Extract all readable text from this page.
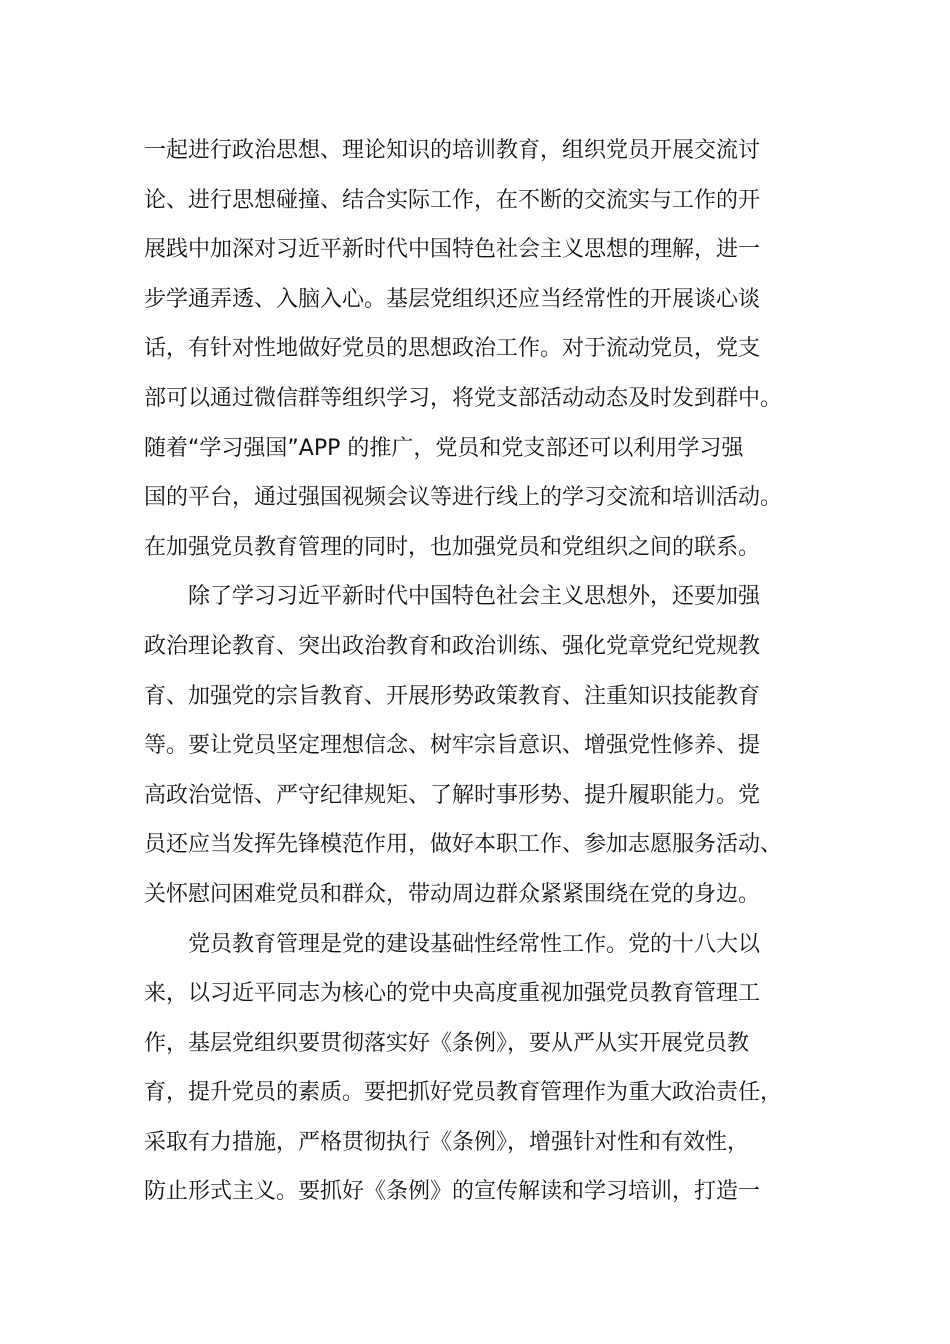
一起进行政治思想、理论知识的培训教育，组织党员开展交流讨
论、进行思想碰撞、结合实际工作，在不断的交流实与工作的开
展践中加深对习近平新时代中国特色社会主义思想的理解，进一
步学通弄透、入脑入心。基层党组织还应当经常性的开展谈心谈
话，有针对性地做好党员的思想政治工作。对于流动党员，党支
部可以通过微信群等组织学习，将党支部活动动态及时发到群中。
随着“学习强国”APP 的推广，党员和党支部还可以利用学习强
国的平台，通过强国视频会议等进行线上的学习交流和培训活动。
在加强党员教育管理的同时，也加强党员和党组织之间的联系。
　　除了学习习近平新时代中国特色社会主义思想外，还要加强
政治理论教育、突出政治教育和政治训练、强化党章党纪党规教
育、加强党的宗旨教育、开展形势政策教育、注重知识技能教育
等。要让党员坚定理想信念、树牢宗旨意识、增强党性修养、提
高政治觉悟、严守纪律规矩、了解时事形势、提升履职能力。党
员还应当发挥先锋模范作用，做好本职工作、参加志愿服务活动、
关怀慰问困难党员和群众，带动周边群众紧紧围绕在党的身边。
　　党员教育管理是党的建设基础性经常性工作。党的十八大以
来，以习近平同志为核心的党中央高度重视加强党员教育管理工
作，基层党组织要贯彻落实好《条例》，要从严从实开展党员教
育，提升党员的素质。要把抓好党员教育管理作为重大政治责任，
采取有力措施，严格贯彻执行《条例》，增强针对性和有效性，
防止形式主义。要抓好《条例》的宣传解读和学习培训，打造一
